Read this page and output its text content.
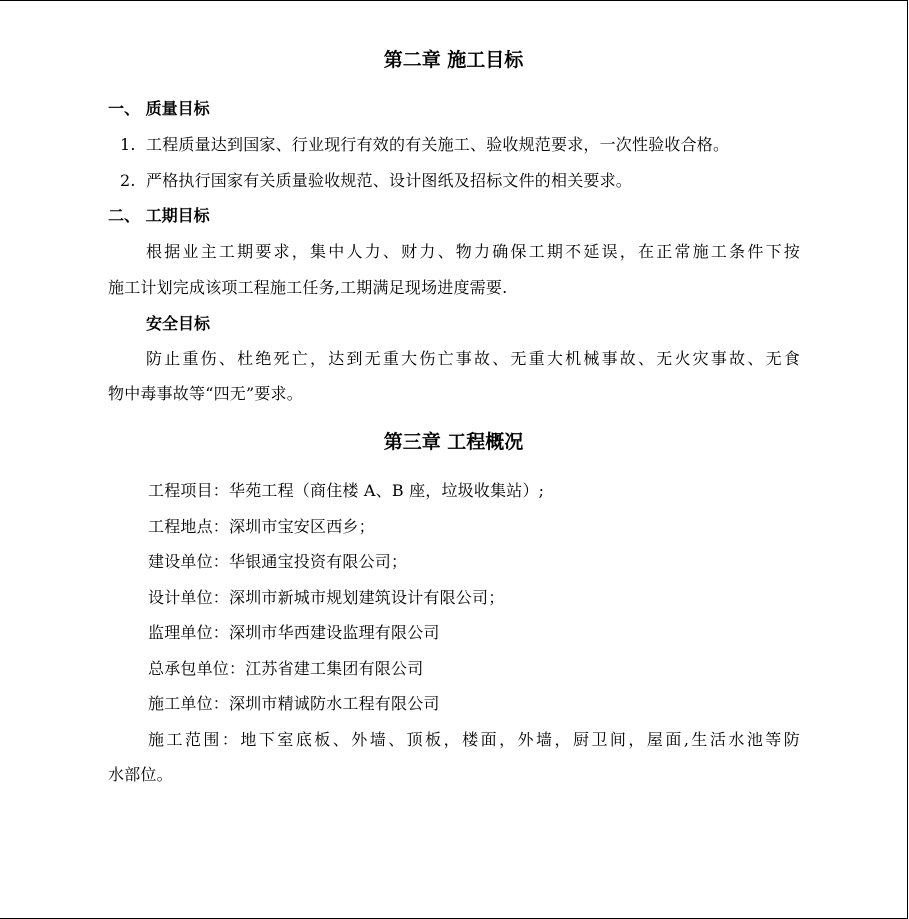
第二章 施工目标
一、 质量目标
1. 工程质量达到国家、行业现行有效的有关施工、验收规范要求，一次性验收合格。
2. 严格执行国家有关质量验收规范、设计图纸及招标文件的相关要求。
二、 工期目标
根据业主工期要求，集中人力、财力、物力确保工期不延误，在正常施工条件下按
施工计划完成该项工程施工任务,工期满足现场进度需要.
安全目标
防止重伤、杜绝死亡，达到无重大伤亡事故、无重大机械事故、无火灾事故、无食
物中毒事故等“四无”要求。
第三章 工程概况
工程项目：华苑工程（商住楼 A、B 座，垃圾收集站）;
工程地点：深圳市宝安区西乡；
建设单位：华银通宝投资有限公司；
设计单位：深圳市新城市规划建筑设计有限公司；
监理单位：深圳市华西建设监理有限公司
总承包单位：江苏省建工集团有限公司
施工单位：深圳市精诚防水工程有限公司
施工范围：地下室底板、外墙、顶板，楼面，外墙，厨卫间，屋面,生活水池等防
水部位。
